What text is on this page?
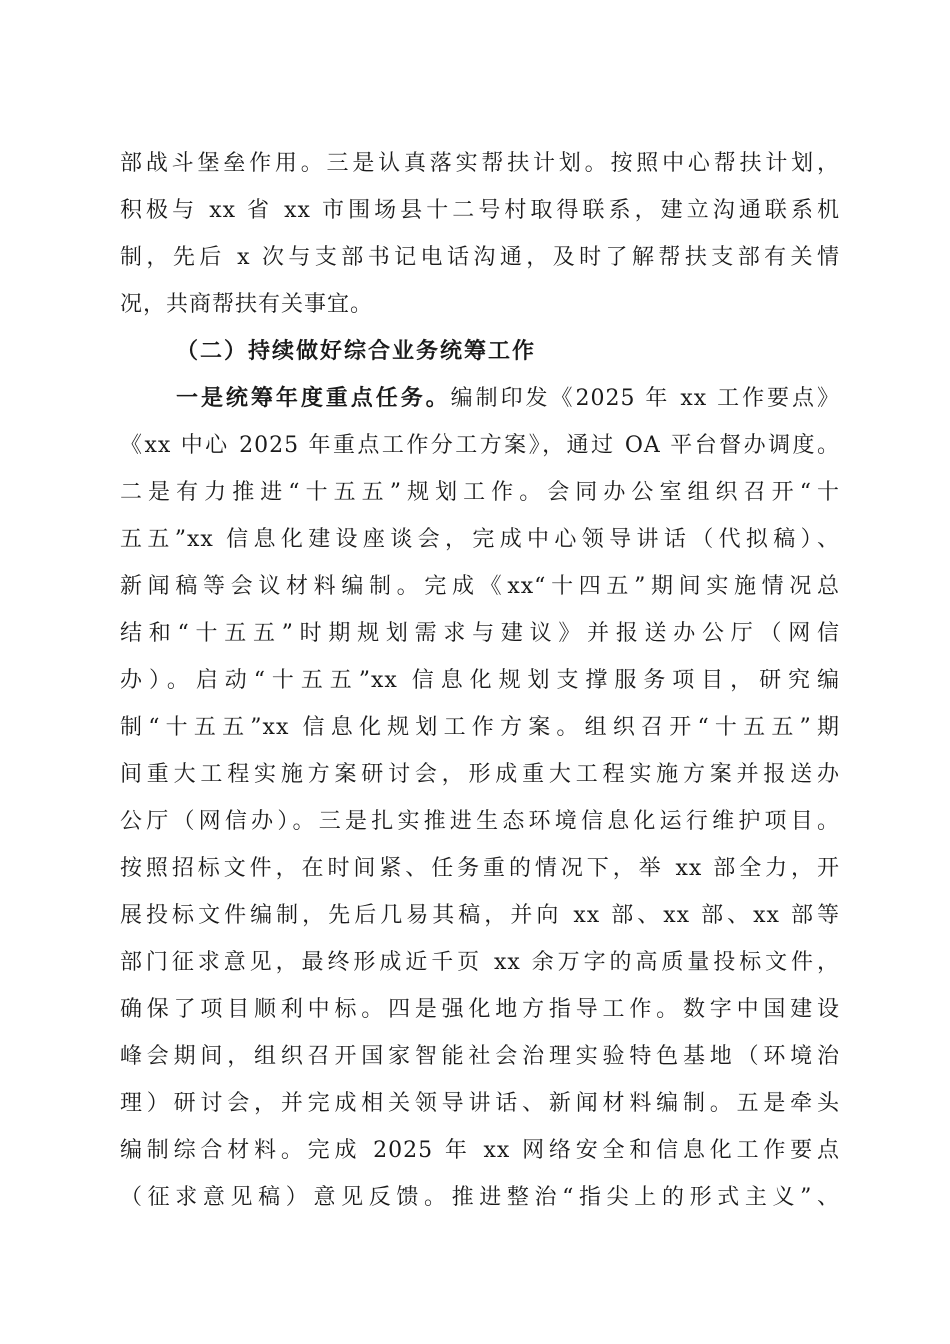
部战斗堡垒作用。三是认真落实帮扶计划。按照中心帮扶计划，
积极与 xx 省 xx 市围场县十二号村取得联系，建立沟通联系机
制，先后 x 次与支部书记电话沟通，及时了解帮扶支部有关情
况，共商帮扶有关事宜。
（二）持续做好综合业务统筹工作
一是统筹年度重点任务。编制印发《2025 年 xx 工作要点》
《xx 中心 2025 年重点工作分工方案》，通过 OA 平台督办调度。
二是有力推进“十五五”规划工作。会同办公室组织召开“十
五五”xx 信息化建设座谈会，完成中心领导讲话（代拟稿）、
新闻稿等会议材料编制。完成《xx“十四五”期间实施情况总
结和“十五五”时期规划需求与建议》并报送办公厅（网信
办）。启动“十五五”xx 信息化规划支撑服务项目，研究编
制“十五五”xx 信息化规划工作方案。组织召开“十五五”期
间重大工程实施方案研讨会，形成重大工程实施方案并报送办
公厅（网信办）。三是扎实推进生态环境信息化运行维护项目。
按照招标文件，在时间紧、任务重的情况下，举 xx 部全力，开
展投标文件编制，先后几易其稿，并向 xx 部、xx 部、xx 部等
部门征求意见，最终形成近千页 xx 余万字的高质量投标文件，
确保了项目顺利中标。四是强化地方指导工作。数字中国建设
峰会期间，组织召开国家智能社会治理实验特色基地（环境治
理）研讨会，并完成相关领导讲话、新闻材料编制。五是牵头
编制综合材料。完成 2025 年 xx 网络安全和信息化工作要点
（征求意见稿）意见反馈。推进整治“指尖上的形式主义”、
